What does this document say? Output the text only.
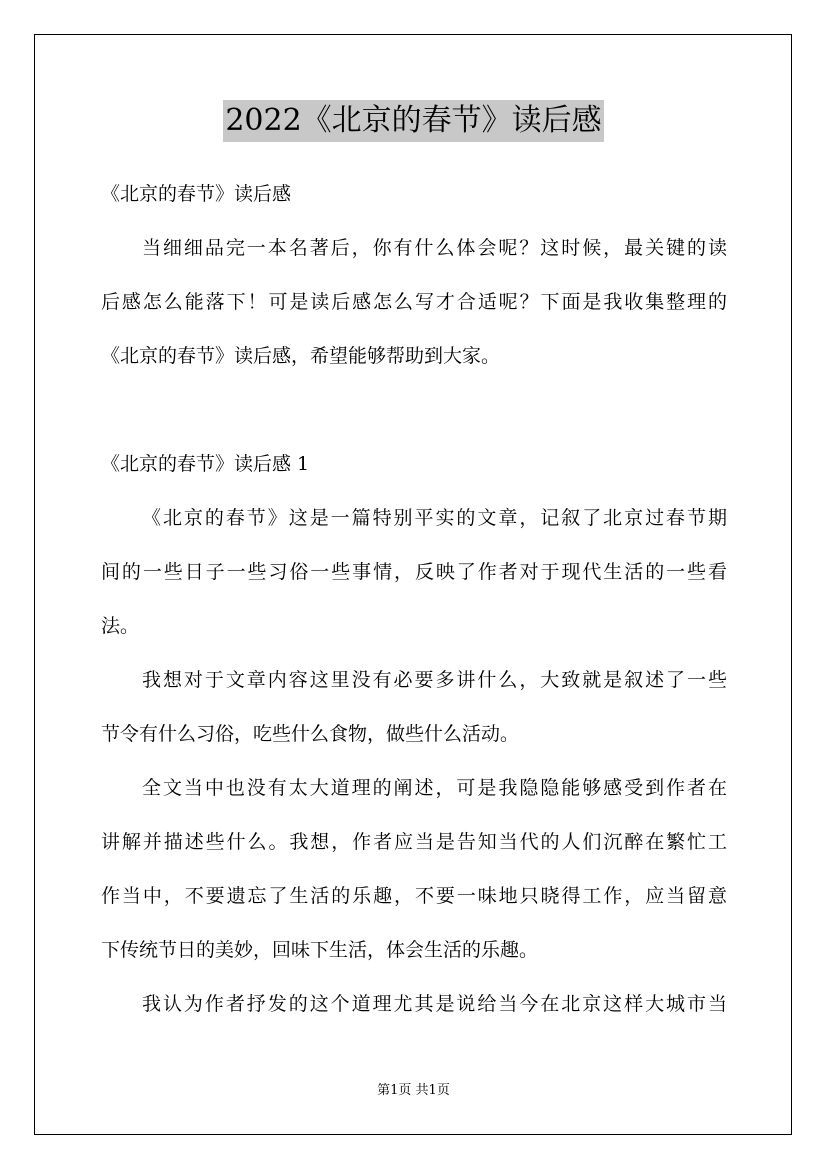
2022《北京的春节》读后感
《北京的春节》读后感
当细细品完一本名著后，你有什么体会呢？这时候，最关键的读
后感怎么能落下！可是读后感怎么写才合适呢？下面是我收集整理的
《北京的春节》读后感，希望能够帮助到大家。
《北京的春节》读后感 1
《北京的春节》这是一篇特别平实的文章，记叙了北京过春节期
间的一些日子一些习俗一些事情，反映了作者对于现代生活的一些看
法。
我想对于文章内容这里没有必要多讲什么，大致就是叙述了一些
节令有什么习俗，吃些什么食物，做些什么活动。
全文当中也没有太大道理的阐述，可是我隐隐能够感受到作者在
讲解并描述些什么。我想，作者应当是告知当代的人们沉醉在繁忙工
作当中，不要遗忘了生活的乐趣，不要一味地只晓得工作，应当留意
下传统节日的美妙，回味下生活，体会生活的乐趣。
我认为作者抒发的这个道理尤其是说给当今在北京这样大城市当
第1页 共1页
